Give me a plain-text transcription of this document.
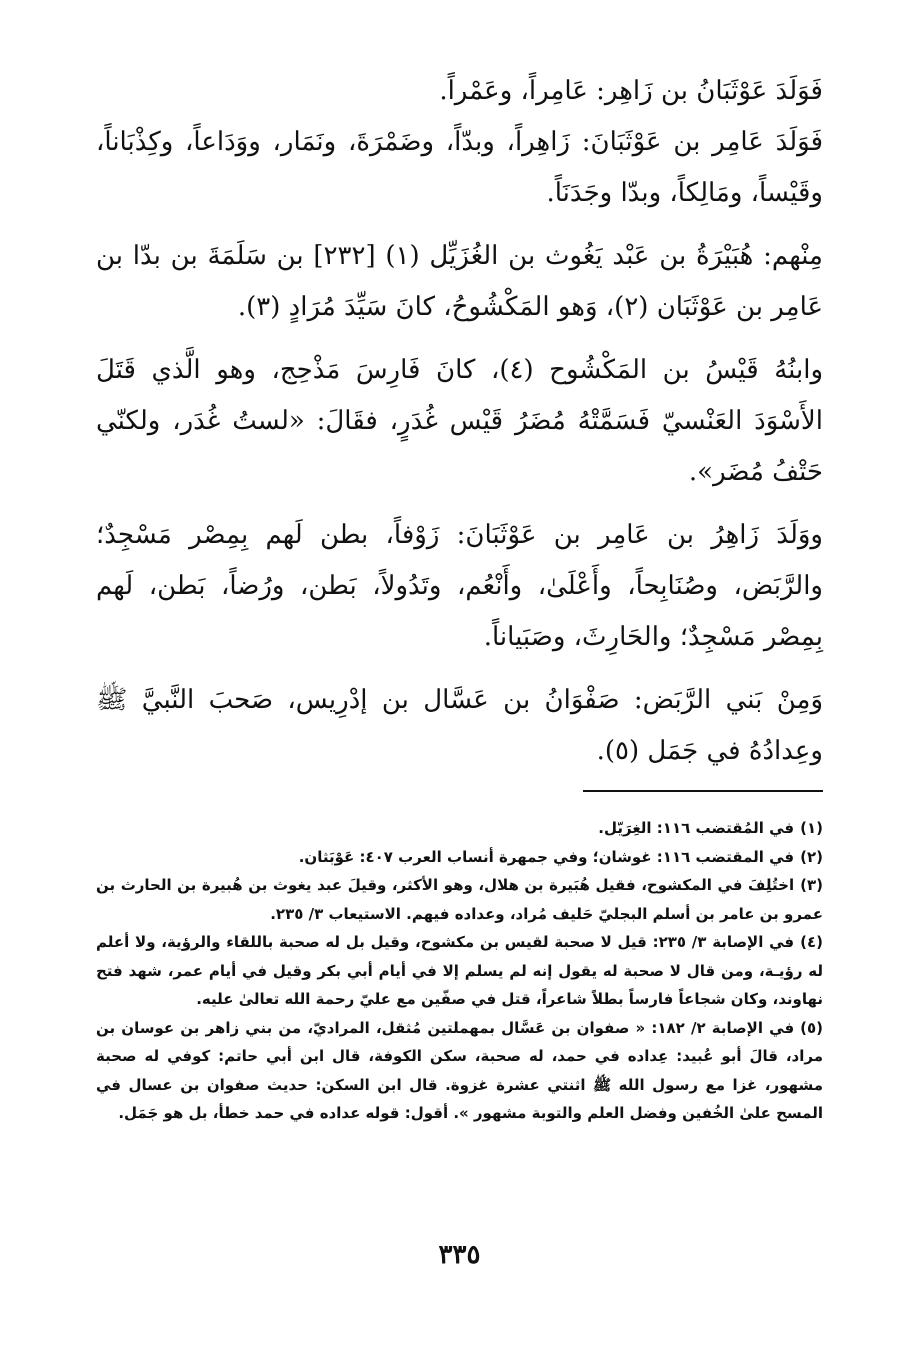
فَوَلَدَ عَوْثَبَانُ بن زَاهِر: عَامِراً، وعَمْراً.

فَوَلَدَ عَامِر بن عَوْثَبَانَ: زَاهِراً، وبدّاً، وضَمْرَةَ، ونَمَار، ووَدَاعاً، وكِذْبَاناً، وقَيْساً، ومَالِكاً، وبدّا وجَدَنَاً.

مِنْهم: هُبَيْرَةُ بن عَبْد يَغُوث بن الغُزَيِّل (١) [٢٣٢] بن سَلَمَةَ بن بدّا بن عَامِر بن عَوْثَبَان (٢)، وَهو المَكْشُوحُ، كانَ سَيِّدَ مُرَادٍ (٣).

وابنُهُ قَيْسُ بن المَكْشُوح (٤)، كانَ فَارِسَ مَذْحِج، وهو الَّذي قَتَلَ الأَسْوَدَ العَنْسيّ فَسَمَّتْهُ مُضَرُ قَيْس غُدَرٍ، فقَالَ: «لستُ غُدَر، ولكنّي حَتْفُ مُضَر».

ووَلَدَ زَاهِرُ بن عَامِر بن عَوْثَبَانَ: زَوْفاً، بطن لَهم بِمِصْر مَسْجِدٌ؛ والرَّبَض، وصُنَابِحاً، وأَعْلَىٰ، وأَنْعُم، وتَدُولاً، بَطن، ورُضاً، بَطن، لَهم بِمِصْر مَسْجِدٌ؛ والحَارِثَ، وصَبَياناً.

وَمِنْ بَني الرَّبَض: صَفْوَانُ بن عَسَّال بن إدْرِيس، صَحبَ النَّبيَّ ﷺ وعِدادُهُ في جَمَل (٥).

(١)في المُقتضب ١١٦: الغِرَيّل.

(٢)في المقتضب ١١٦: غوشان؛ وفي جمهرة أنساب العرب ٤٠٧: عَوْبَثان.

(٣)اختُلِفَ في المكشوح، فقيل هُبَيرة بن هلال، وهو الأكثر، وقيلَ عبد يغوث بن هُبيرة بن الحارث بن عمرو بن عامر بن أسلم البجليّ حَليف مُراد، وعداده فيهم. الاستيعاب ٣/ ٢٣٥.

(٤)في الإصابة ٣/ ٢٣٥: قيل لا صحبة لقيس بن مكشوح، وقيل بل له صحبة باللقاء والرؤية، ولا أعلم له رؤيـة، ومن قال لا صحبة له يقول إنه لم يسلم إلا في أيام أبي بكر وقيل في أيام عمر، شهد فتح نهاوند، وكان شجاعاً فارساً بطلاً شاعراً، قتل في صفّين مع عليّ رحمة الله تعالىٰ عليه.

(٥)في الإصابة ٢/ ١٨٢: « صفوان بن عَسَّال بمهملتين مُثقل، المراديّ، من بني زاهر بن عوسان بن مراد، قالَ أبو عُبيد: عِداده في حمد، له صحبة، سكن الكوفة، قال ابن أبي حاتم: كوفي له صحبة مشهور، غزا مع رسول الله ﷺ اثنتي عشرة غزوة. قال ابن السكن: حديث صفوان بن عسال في المسح علىٰ الخُفين وفضل العلم والتوبة مشهور ». أقول: قوله عداده في حمد خطأ، بل هو جَمَل.

٣٣٥
